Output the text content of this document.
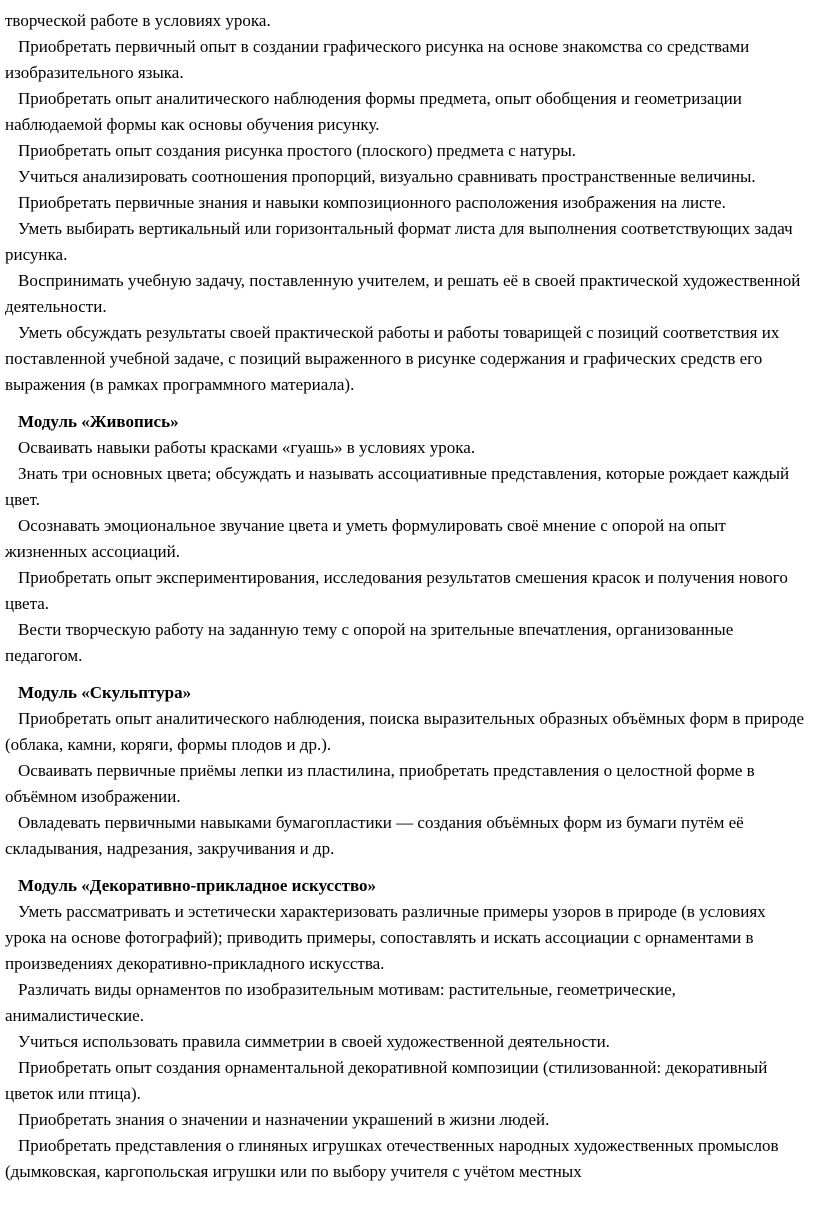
творческой работе в условиях урока.

Приобретать первичный опыт в создании графического рисунка на основе знакомства со средствами изобразительного языка.

Приобретать опыт аналитического наблюдения формы предмета, опыт обобщения и геометризации наблюдаемой формы как основы обучения рисунку.

Приобретать опыт создания рисунка простого (плоского) предмета с натуры.

Учиться анализировать соотношения пропорций, визуально сравнивать пространственные величины.

Приобретать первичные знания и навыки композиционного расположения изображения на листе.

Уметь выбирать вертикальный или горизонтальный формат листа для выполнения соответствующих задач рисунка.

Воспринимать учебную задачу, поставленную учителем, и решать её в своей практической художественной деятельности.

Уметь обсуждать результаты своей практической работы и работы товарищей с позиций соответствия их поставленной учебной задаче, с позиций выраженного в рисунке содержания и графических средств его выражения (в рамках программного материала).

Модуль «Живопись»

Осваивать навыки работы красками «гуашь» в условиях урока.

Знать три основных цвета; обсуждать и называть ассоциативные представления, которые рождает каждый цвет.

Осознавать эмоциональное звучание цвета и уметь формулировать своё мнение с опорой на опыт жизненных ассоциаций.

Приобретать опыт экспериментирования, исследования результатов смешения красок и получения нового цвета.

Вести творческую работу на заданную тему с опорой на зрительные впечатления, организованные педагогом.

Модуль «Скульптура»

Приобретать опыт аналитического наблюдения, поиска выразительных образных объёмных форм в природе (облака, камни, коряги, формы плодов и др.).

Осваивать первичные приёмы лепки из пластилина, приобретать представления о целостной форме в объёмном изображении.

Овладевать первичными навыками бумагопластики — создания объёмных форм из бумаги путём её складывания, надрезания, закручивания и др.

Модуль «Декоративно-прикладное искусство»

Уметь рассматривать и эстетически характеризовать различные примеры узоров в природе (в условиях урока на основе фотографий); приводить примеры, сопоставлять и искать ассоциации с орнаментами в произведениях декоративно-прикладного искусства.

Различать виды орнаментов по изобразительным мотивам: растительные, геометрические, анималистические.

Учиться использовать правила симметрии в своей художественной деятельности.

Приобретать опыт создания орнаментальной декоративной композиции (стилизованной: декоративный цветок или птица).

Приобретать знания о значении и назначении украшений в жизни людей.

Приобретать представления о глиняных игрушках отечественных народных художественных промыслов (дымковская, каргопольская игрушки или по выбору учителя с учётом местных
